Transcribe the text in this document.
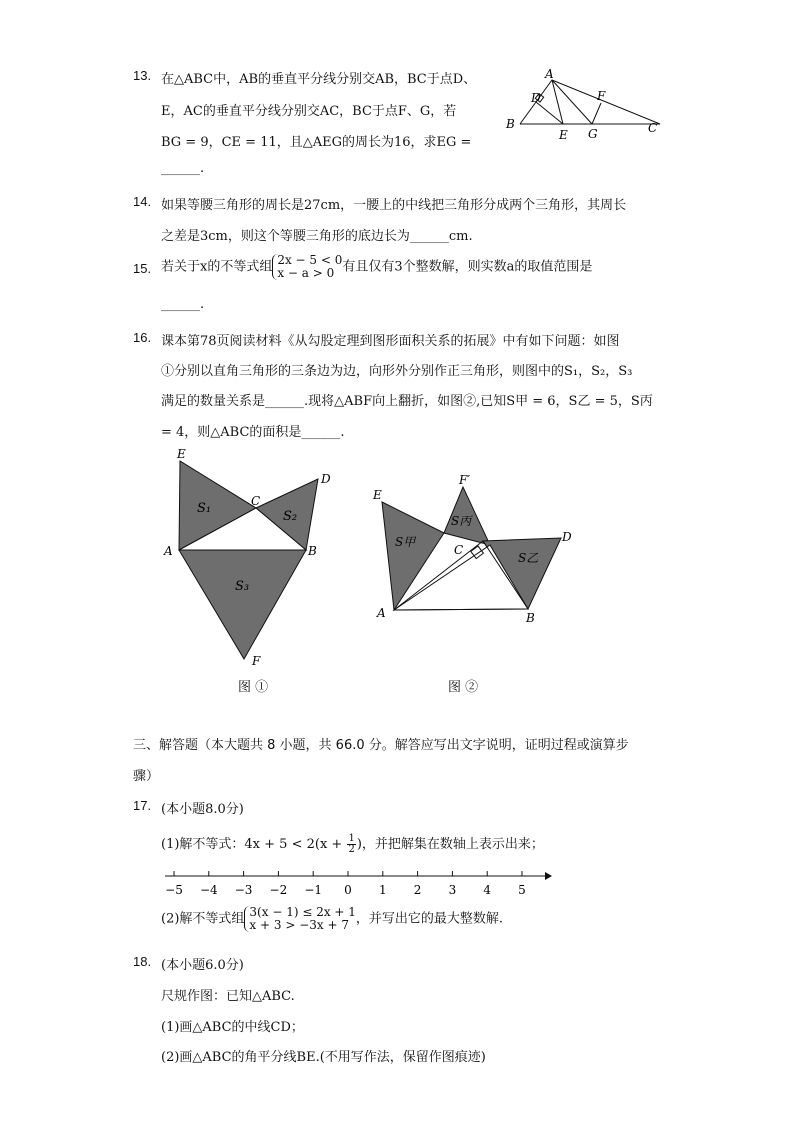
13. 在△ABC中，AB的垂直平分线分别交AB，BC于点D、
E，AC的垂直平分线分别交AC，BC于点F、G，若
BG = 9，CE = 11，且△AEG的周长为16，求EG =
______.
A
B	C
D
E
F
G
14. 如果等腰三角形的周长是27cm，一腰上的中线把三角形分成两个三角形，其周长
之差是3cm，则这个等腰三角形的底边长为______cm.
15. 若关于x的不等式组 2x − 5 < 0
x − a > 0 有且仅有3个整数解，则实数a的取值范围是
______.
16. 课本第78页阅读材料《从勾股定理到图形面积关系的拓展》中有如下问题：如图
①分别以直角三角形的三条边为边，向形外分别作正三角形，则图中的S₁，S₂，S₃
满足的数量关系是______.现将△ABF向上翻折，如图②,已知S甲 = 6，S乙 = 5，S丙
= 4，则△ABC的面积是______.
E
C
D
A	B
F
S₁
S₂
S₃
图 ①
E
F′
D
C
A	B
S甲
S丙
S乙
图 ②
三、解答题（本大题共 8 小题，共 66.0 分。解答应写出文字说明，证明过程或演算步
骤）
17. (本小题8.0分)
(1)解不等式：$4x + 5 < 2(x + \frac{1}{2}$ )，并把解集在数轴上表示出来；
−5 −4 −3 −2 −1 0 1 2 3 4 5
(2)解不等式组 3(x − 1) ≤ 2x + 1
x + 3 > −3x + 7 ，并写出它的最大整数解.
18. (本小题6.0分)
尺规作图：已知△ABC.
(1)画△ABC的中线CD；
(2)画△ABC的角平分线BE.(不用写作法，保留作图痕迹)
